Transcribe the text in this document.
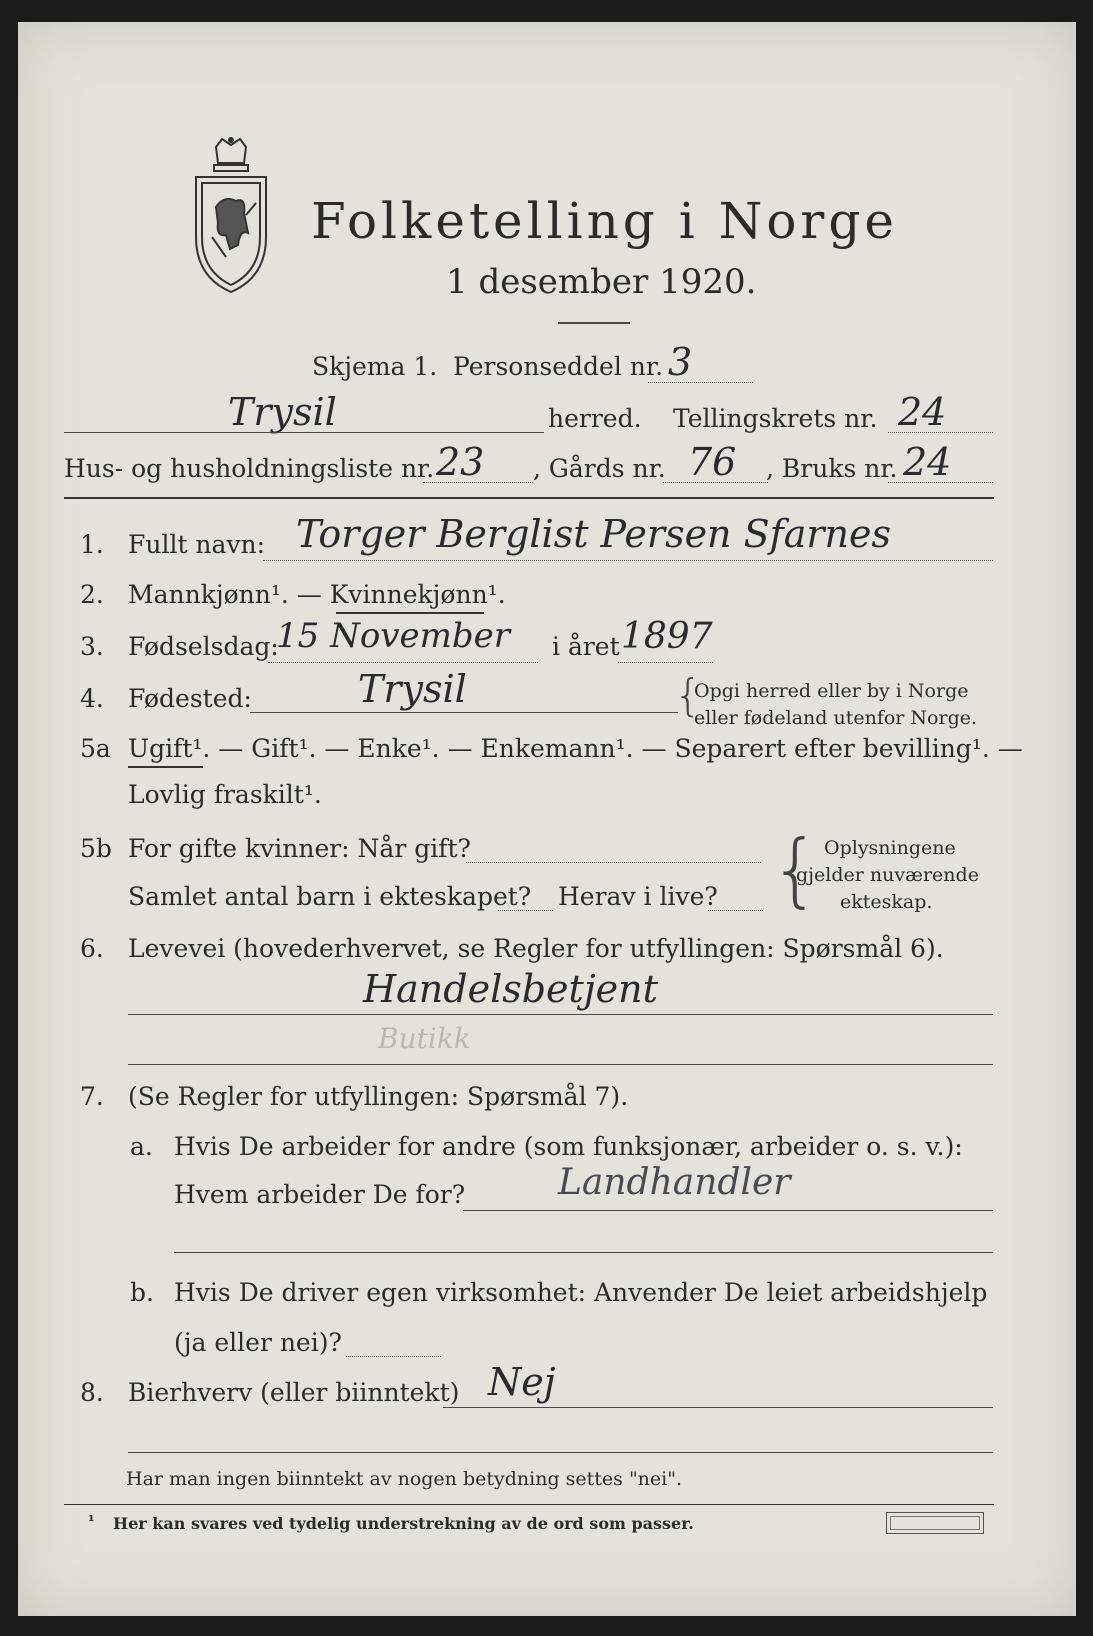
Folketelling i Norge
1 desember 1920.
Skjema 1. Personseddel nr. 3
Trysil	herred. Tellingskrets nr. 24
Hus- og husholdningsliste nr. 23 , Gårds nr. 76 , Bruks nr. 24
1. Fullt navn: Torger Berglist Persen Sfarnes
2. Mannkjønn¹. — Kvinnekjønn¹.
3. Fødselsdag:
15 November i året 1897
4. Fødested:	Trysil	{
Opgi herred eller by i Norge
eller fødeland utenfor Norge.
5a Ugift¹. — Gift¹. — Enke¹. — Enkemann¹. — Separert efter bevilling¹. —
Lovlig fraskilt¹.
5b For gifte kvinner: Når gift?
Samlet antal barn i ekteskapet? Herav i live? { Oplysningene
gjelder nuværende
ekteskap.
6. Levevei (hovederhvervet, se Regler for utfyllingen: Spørsmål 6).
Handelsbetjent
Butikk
7. (Se Regler for utfyllingen: Spørsmål 7).
a. Hvis De arbeider for andre (som funksjonær, arbeider o. s. v.):
Hvem arbeider De for?	Landhandler
b. Hvis De driver egen virksomhet: Anvender De leiet arbeidshjelp
(ja eller nei)?
8. Bierhverv (eller biinntekt) Nej
Har man ingen biinntekt av nogen betydning settes "nei".
¹ Her kan svares ved tydelig understrekning av de ord som passer.
